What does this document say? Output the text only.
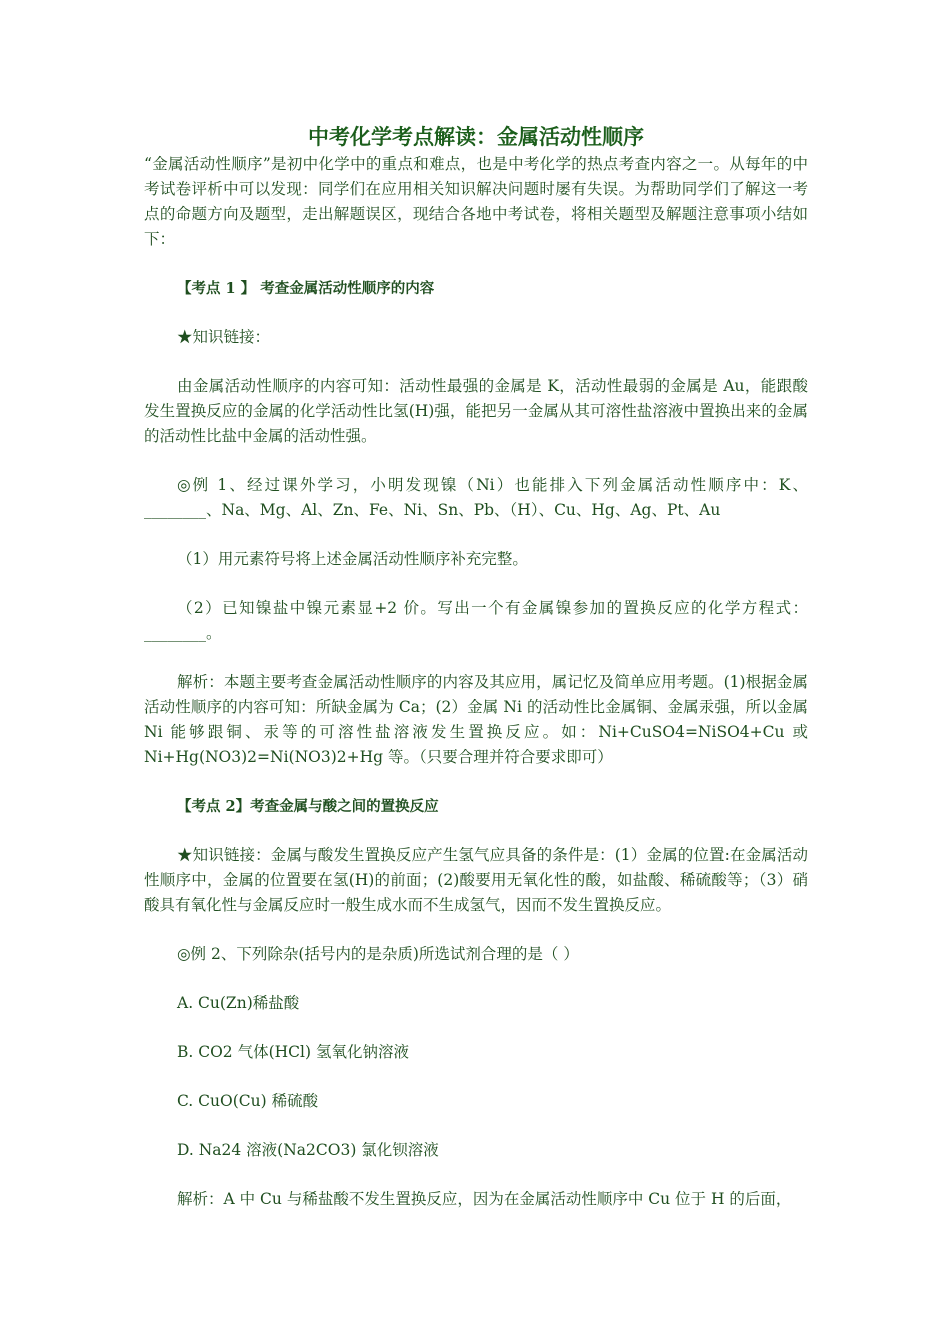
中考化学考点解读：金属活动性顺序

“金属活动性顺序”是初中化学中的重点和难点，也是中考化学的热点考查内容之一。从每年的中考试卷评析中可以发现：同学们在应用相关知识解决问题时屡有失误。为帮助同学们了解这一考点的命题方向及题型，走出解题误区，现结合各地中考试卷，将相关题型及解题注意事项小结如下：

【考点 1 】 考查金属活动性顺序的内容

★知识链接：

由金属活动性顺序的内容可知：活动性最强的金属是 K，活动性最弱的金属是 Au，能跟酸发生置换反应的金属的化学活动性比氢(H)强，能把另一金属从其可溶性盐溶液中置换出来的金属的活动性比盐中金属的活动性强。

◎例 1、经过课外学习，小明发现镍（Ni）也能排入下列金属活动性顺序中：K、________、Na、Mg、Al、Zn、Fe、Ni、Sn、Pb、（H）、Cu、Hg、Ag、Pt、Au

（1）用元素符号将上述金属活动性顺序补充完整。

（2）已知镍盐中镍元素显+2 价。写出一个有金属镍参加的置换反应的化学方程式：________。

解析：本题主要考查金属活动性顺序的内容及其应用，属记忆及简单应用考题。(1)根据金属活动性顺序的内容可知：所缺金属为 Ca；(2）金属 Ni 的活动性比金属铜、金属汞强，所以金属 Ni 能够跟铜、汞等的可溶性盐溶液发生置换反应。如：Ni+CuSO4=NiSO4+Cu 或 Ni+Hg(NO3)2=Ni(NO3)2+Hg 等。（只要合理并符合要求即可）

【考点 2】考查金属与酸之间的置换反应

★知识链接：金属与酸发生置换反应产生氢气应具备的条件是：(1）金属的位置:在金属活动性顺序中，金属的位置要在氢(H)的前面；(2)酸要用无氧化性的酸，如盐酸、稀硫酸等；（3）硝酸具有氧化性与金属反应时一般生成水而不生成氢气，因而不发生置换反应。

◎例 2、下列除杂(括号内的是杂质)所选试剂合理的是（ ）

A. Cu(Zn)稀盐酸

B. CO2 气体(HCl) 氢氧化钠溶液

C. CuO(Cu) 稀硫酸

D. Na24 溶液(Na2CO3) 氯化钡溶液

解析：A 中 Cu 与稀盐酸不发生置换反应，因为在金属活动性顺序中 Cu 位于 H 的后面，
